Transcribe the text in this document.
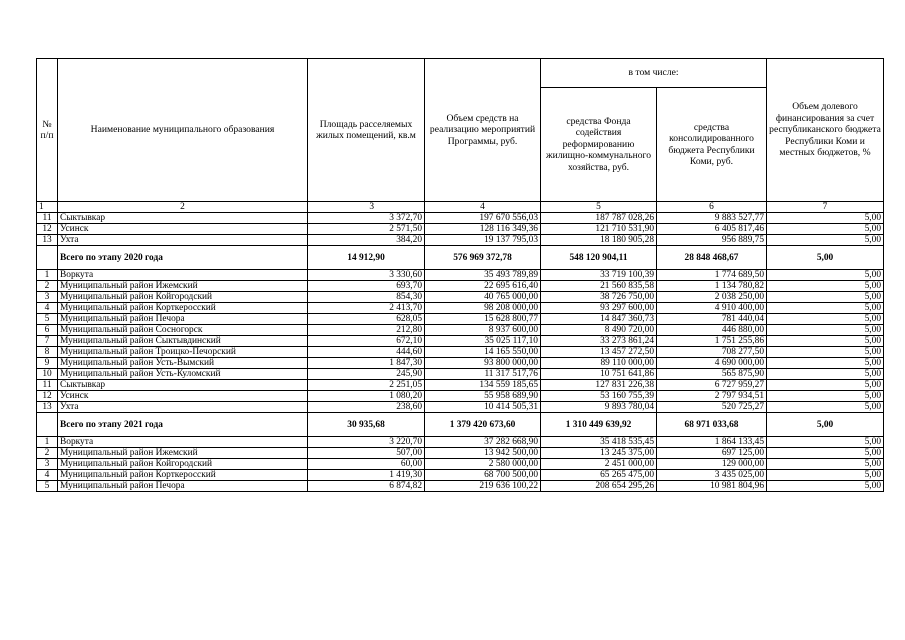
№ п/п	Наименование муниципального образования	Площадь расселяемых жилых помещений, кв.м	Объем средств на реализацию мероприятий Программы, руб.	в том числе:		Объем долевого финансирования за счет республиканского бюджета Республики Коми и местных бюджетов, %
				средства Фонда содействия реформированию жилищно-коммунального хозяйства, руб.	средства консолидированного бюджета Республики Коми, руб.	
1	2	3	4	5	6	7
11	Сыктывкар	3 372,70	197 670 556,03	187 787 028,26	9 883 527,77	5,00
12	Усинск	2 571,50	128 116 349,36	121 710 531,90	6 405 817,46	5,00
13	Ухта	384,20	19 137 795,03	18 180 905,28	956 889,75	5,00
	Всего по этапу 2020 года	14 912,90	576 969 372,78	548 120 904,11	28 848 468,67	5,00
1	Воркута	3 330,60	35 493 789,89	33 719 100,39	1 774 689,50	5,00
2	Муниципальный район Ижемский	693,70	22 695 616,40	21 560 835,58	1 134 780,82	5,00
3	Муниципальный район Койгородский	854,30	40 765 000,00	38 726 750,00	2 038 250,00	5,00
4	Муниципальный район Корткеросский	2 413,70	98 208 000,00	93 297 600,00	4 910 400,00	5,00
5	Муниципальный район Печора	628,05	15 628 800,77	14 847 360,73	781 440,04	5,00
6	Муниципальный район Сосногорск	212,80	8 937 600,00	8 490 720,00	446 880,00	5,00
7	Муниципальный район Сыктывдинский	672,10	35 025 117,10	33 273 861,24	1 751 255,86	5,00
8	Муниципальный район Троицко-Печорский	444,60	14 165 550,00	13 457 272,50	708 277,50	5,00
9	Муниципальный район Усть-Вымский	1 847,30	93 800 000,00	89 110 000,00	4 690 000,00	5,00
10	Муниципальный район Усть-Куломский	245,90	11 317 517,76	10 751 641,86	565 875,90	5,00
11	Сыктывкар	2 251,05	134 559 185,65	127 831 226,38	6 727 959,27	5,00
12	Усинск	1 080,20	55 958 689,90	53 160 755,39	2 797 934,51	5,00
13	Ухта	238,60	10 414 505,31	9 893 780,04	520 725,27	5,00
	Всего по этапу 2021 года	30 935,68	1 379 420 673,60	1 310 449 639,92	68 971 033,68	5,00
1	Воркута	3 220,70	37 282 668,90	35 418 535,45	1 864 133,45	5,00
2	Муниципальный район Ижемский	507,00	13 942 500,00	13 245 375,00	697 125,00	5,00
3	Муниципальный район Койгородский	60,00	2 580 000,00	2 451 000,00	129 000,00	5,00
4	Муниципальный район Корткеросский	1 419,30	68 700 500,00	65 265 475,00	3 435 025,00	5,00
5	Муниципальный район Печора	6 874,82	219 636 100,22	208 654 295,26	10 981 804,96	5,00
